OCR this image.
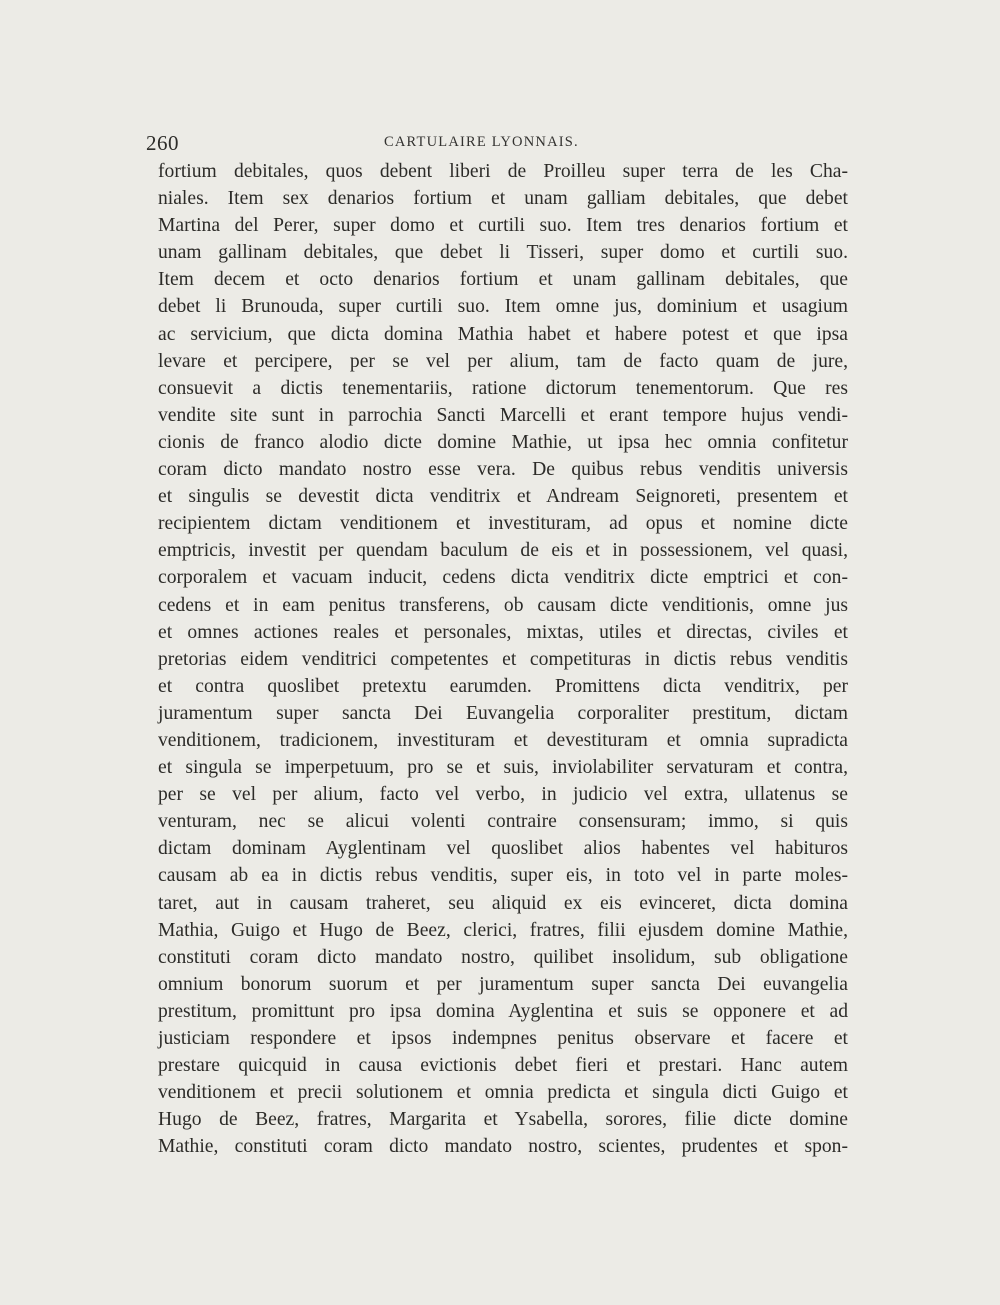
260	CARTULAIRE LYONNAIS.
fortium debitales, quos debent liberi de Proilleu super terra de les Cha-
niales. Item sex denarios fortium et unam galliam debitales, que debet
Martina del Perer, super domo et curtili suo. Item tres denarios fortium et
unam gallinam debitales, que debet li Tisseri, super domo et curtili suo.
Item decem et octo denarios fortium et unam gallinam debitales, que
debet li Brunouda, super curtili suo. Item omne jus, dominium et usagium
ac servicium, que dicta domina Mathia habet et habere potest et que ipsa
levare et percipere, per se vel per alium, tam de facto quam de jure,
consuevit a dictis tenementariis, ratione dictorum tenementorum. Que res
vendite site sunt in parrochia Sancti Marcelli et erant tempore hujus vendi-
cionis de franco alodio dicte domine Mathie, ut ipsa hec omnia confitetur
coram dicto mandato nostro esse vera. De quibus rebus venditis universis
et singulis se devestit dicta venditrix et Andream Seignoreti, presentem et
recipientem dictam venditionem et investituram, ad opus et nomine dicte
emptricis, investit per quendam baculum de eis et in possessionem, vel quasi,
corporalem et vacuam inducit, cedens dicta venditrix dicte emptrici et con-
cedens et in eam penitus transferens, ob causam dicte venditionis, omne jus
et omnes actiones reales et personales, mixtas, utiles et directas, civiles et
pretorias eidem venditrici competentes et competituras in dictis rebus venditis
et contra quoslibet pretextu earumden. Promittens dicta venditrix, per
juramentum super sancta Dei Euvangelia corporaliter prestitum, dictam
venditionem, tradicionem, investituram et devestituram et omnia supradicta
et singula se imperpetuum, pro se et suis, inviolabiliter servaturam et contra,
per se vel per alium, facto vel verbo, in judicio vel extra, ullatenus se
venturam, nec se alicui volenti contraire consensuram; immo, si quis
dictam dominam Ayglentinam vel quoslibet alios habentes vel habituros
causam ab ea in dictis rebus venditis, super eis, in toto vel in parte moles-
taret, aut in causam traheret, seu aliquid ex eis evinceret, dicta domina
Mathia, Guigo et Hugo de Beez, clerici, fratres, filii ejusdem domine Mathie,
constituti coram dicto mandato nostro, quilibet insolidum, sub obligatione
omnium bonorum suorum et per juramentum super sancta Dei euvangelia
prestitum, promittunt pro ipsa domina Ayglentina et suis se opponere et ad
justiciam respondere et ipsos indempnes penitus observare et facere et
prestare quicquid in causa evictionis debet fieri et prestari. Hanc autem
venditionem et precii solutionem et omnia predicta et singula dicti Guigo et
Hugo de Beez, fratres, Margarita et Ysabella, sorores, filie dicte domine
Mathie, constituti coram dicto mandato nostro, scientes, prudentes et spon-
